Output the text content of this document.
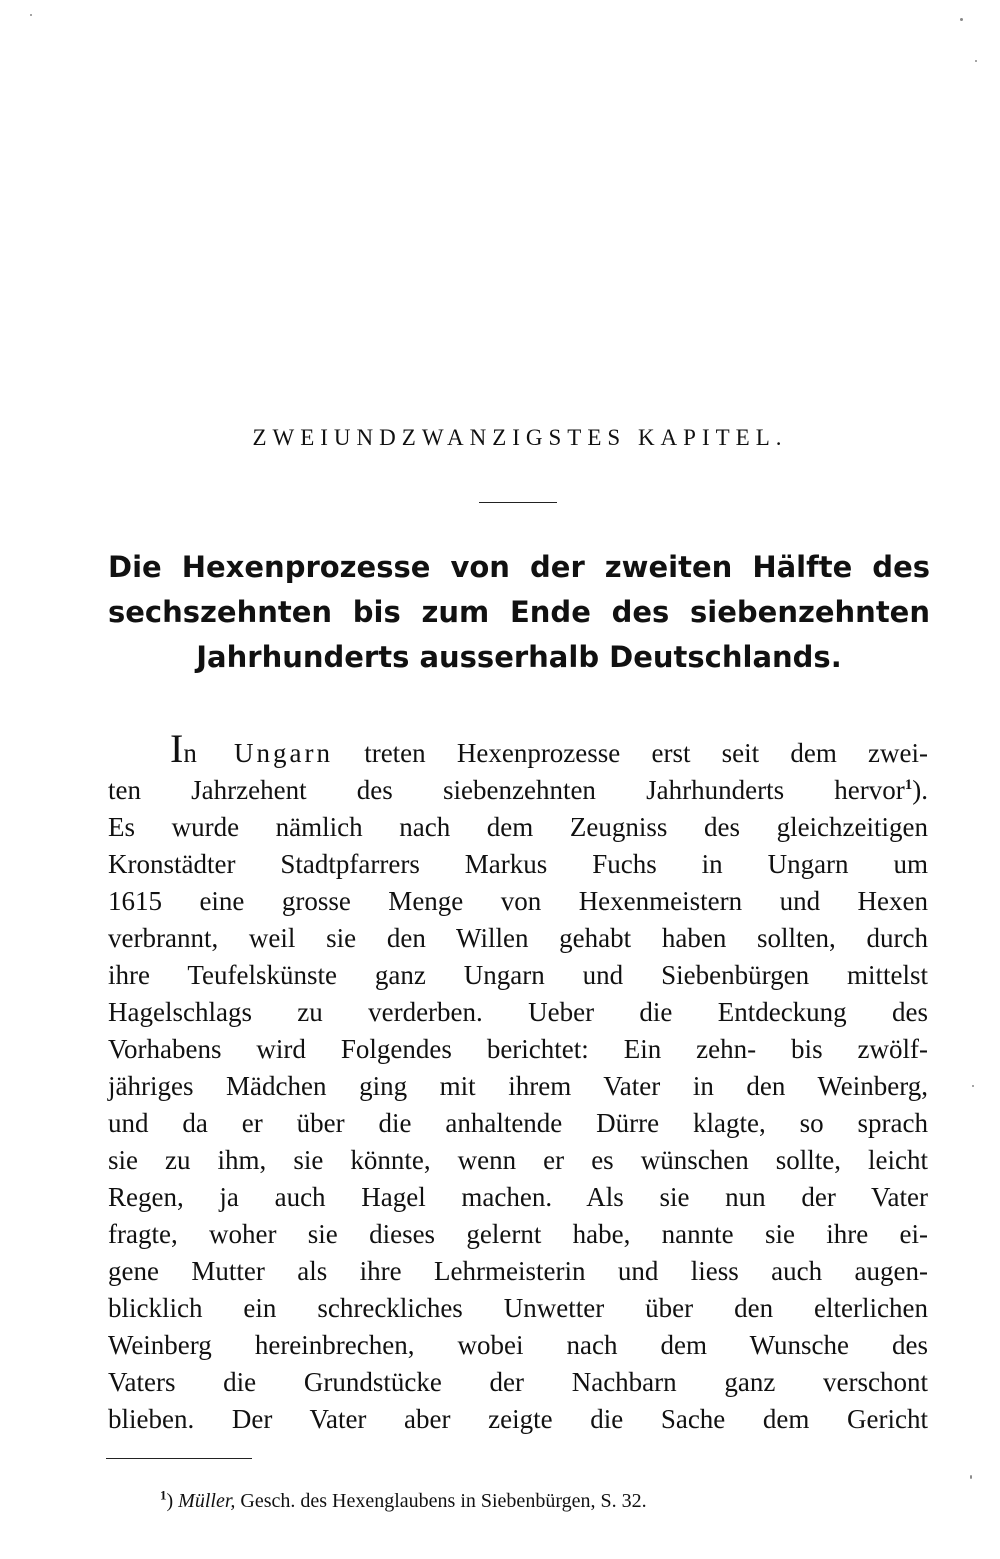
ZWEIUNDZWANZIGSTES KAPITEL.
Die Hexenprozesse von der zweiten Hälfte des
sechszehnten bis zum Ende des siebenzehnten
Jahrhunderts ausserhalb Deutschlands.
In Ungarn treten Hexenprozesse erst seit dem zwei-
ten Jahrzehent des siebenzehnten Jahrhunderts hervor$^1$).
Es wurde nämlich nach dem Zeugniss des gleichzeitigen
Kronstädter Stadtpfarrers Markus Fuchs in Ungarn um
1615 eine grosse Menge von Hexenmeistern und Hexen
verbrannt, weil sie den Willen gehabt haben sollten, durch
ihre Teufelskünste ganz Ungarn und Siebenbürgen mittelst
Hagelschlags zu verderben. Ueber die Entdeckung des
Vorhabens wird Folgendes berichtet: Ein zehn- bis zwölf-
jähriges Mädchen ging mit ihrem Vater in den Weinberg,
und da er über die anhaltende Dürre klagte, so sprach
sie zu ihm, sie könnte, wenn er es wünschen sollte, leicht
Regen, ja auch Hagel machen. Als sie nun der Vater
fragte, woher sie dieses gelernt habe, nannte sie ihre ei-
gene Mutter als ihre Lehrmeisterin und liess auch augen-
blicklich ein schreckliches Unwetter über den elterlichen
Weinberg hereinbrechen, wobei nach dem Wunsche des
Vaters die Grundstücke der Nachbarn ganz verschont
blieben. Der Vater aber zeigte die Sache dem Gericht
$^1$) Müller, Gesch. des Hexenglaubens in Siebenbürgen, S. 32.
